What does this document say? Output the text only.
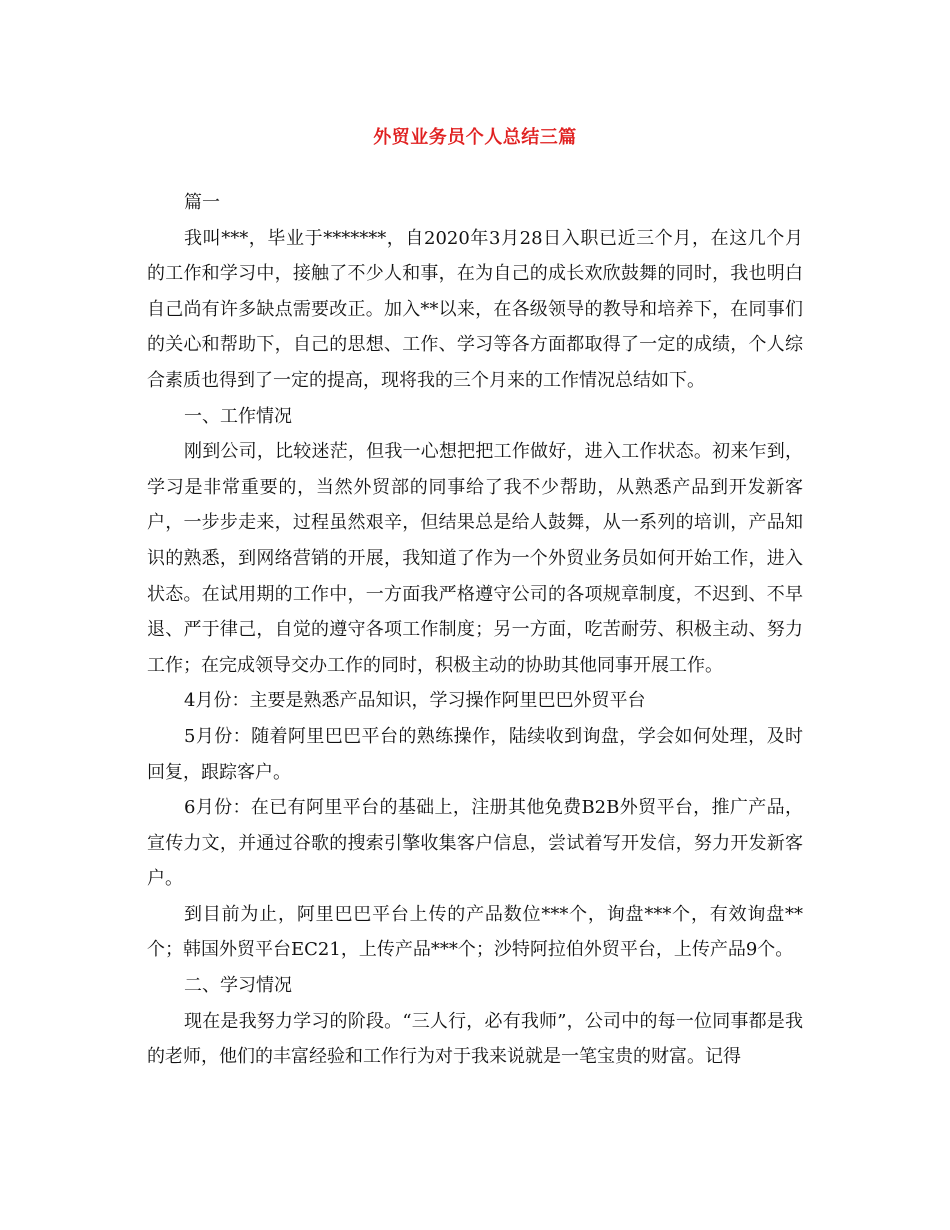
外贸业务员个人总结三篇

篇一

我叫***，毕业于*******，自2020年3月28日入职已近三个月，在这几个月的工作和学习中，接触了不少人和事，在为自己的成长欢欣鼓舞的同时，我也明白自己尚有许多缺点需要改正。加入**以来，在各级领导的教导和培养下，在同事们的关心和帮助下，自己的思想、工作、学习等各方面都取得了一定的成绩，个人综合素质也得到了一定的提高，现将我的三个月来的工作情况总结如下。

一、工作情况

刚到公司，比较迷茫，但我一心想把把工作做好，进入工作状态。初来乍到，学习是非常重要的，当然外贸部的同事给了我不少帮助，从熟悉产品到开发新客户，一步步走来，过程虽然艰辛，但结果总是给人鼓舞，从一系列的培训，产品知识的熟悉，到网络营销的开展，我知道了作为一个外贸业务员如何开始工作，进入状态。在试用期的工作中，一方面我严格遵守公司的各项规章制度，不迟到、不早退、严于律己，自觉的遵守各项工作制度；另一方面，吃苦耐劳、积极主动、努力工作；在完成领导交办工作的同时，积极主动的协助其他同事开展工作。

4月份：主要是熟悉产品知识，学习操作阿里巴巴外贸平台

5月份：随着阿里巴巴平台的熟练操作，陆续收到询盘，学会如何处理，及时回复，跟踪客户。

6月份：在已有阿里平台的基础上，注册其他免费B2B外贸平台，推广产品，宣传力文，并通过谷歌的搜索引擎收集客户信息，尝试着写开发信，努力开发新客户。

到目前为止，阿里巴巴平台上传的产品数位***个，询盘***个，有效询盘**个；韩国外贸平台EC21，上传产品***个；沙特阿拉伯外贸平台，上传产品9个。

二、学习情况

现在是我努力学习的阶段。“三人行，必有我师”，公司中的每一位同事都是我的老师，他们的丰富经验和工作行为对于我来说就是一笔宝贵的财富。记得
